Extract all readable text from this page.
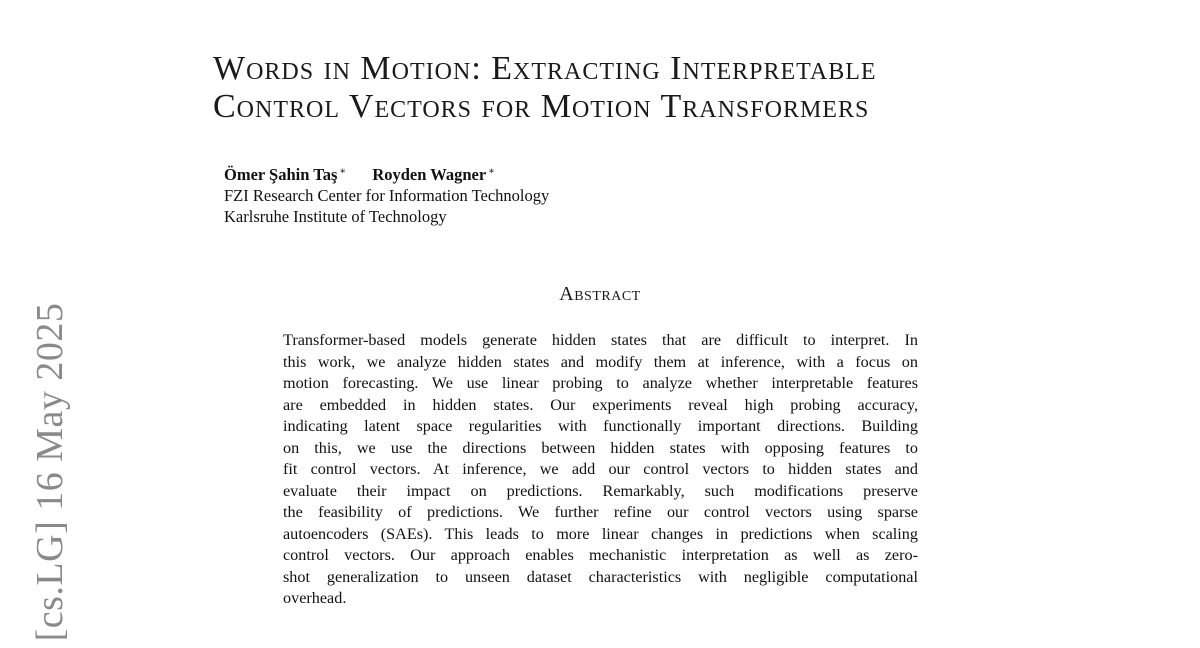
Words in Motion: Extracting Interpretable
Control Vectors for Motion Transformers
Ömer Şahin Taş ∗ Royden Wagner ∗
FZI Research Center for Information Technology
Karlsruhe Institute of Technology
Abstract
Transformer-based models generate hidden states that are difficult to interpret. In
this work, we analyze hidden states and modify them at inference, with a focus on
motion forecasting. We use linear probing to analyze whether interpretable features
are embedded in hidden states. Our experiments reveal high probing accuracy,
indicating latent space regularities with functionally important directions. Building
on this, we use the directions between hidden states with opposing features to
fit control vectors. At inference, we add our control vectors to hidden states and
evaluate their impact on predictions. Remarkably, such modifications preserve
the feasibility of predictions. We further refine our control vectors using sparse
autoencoders (SAEs). This leads to more linear changes in predictions when scaling
control vectors. Our approach enables mechanistic interpretation as well as zero-
shot generalization to unseen dataset characteristics with negligible computational
overhead.
[cs.LG] 16 May 2025
